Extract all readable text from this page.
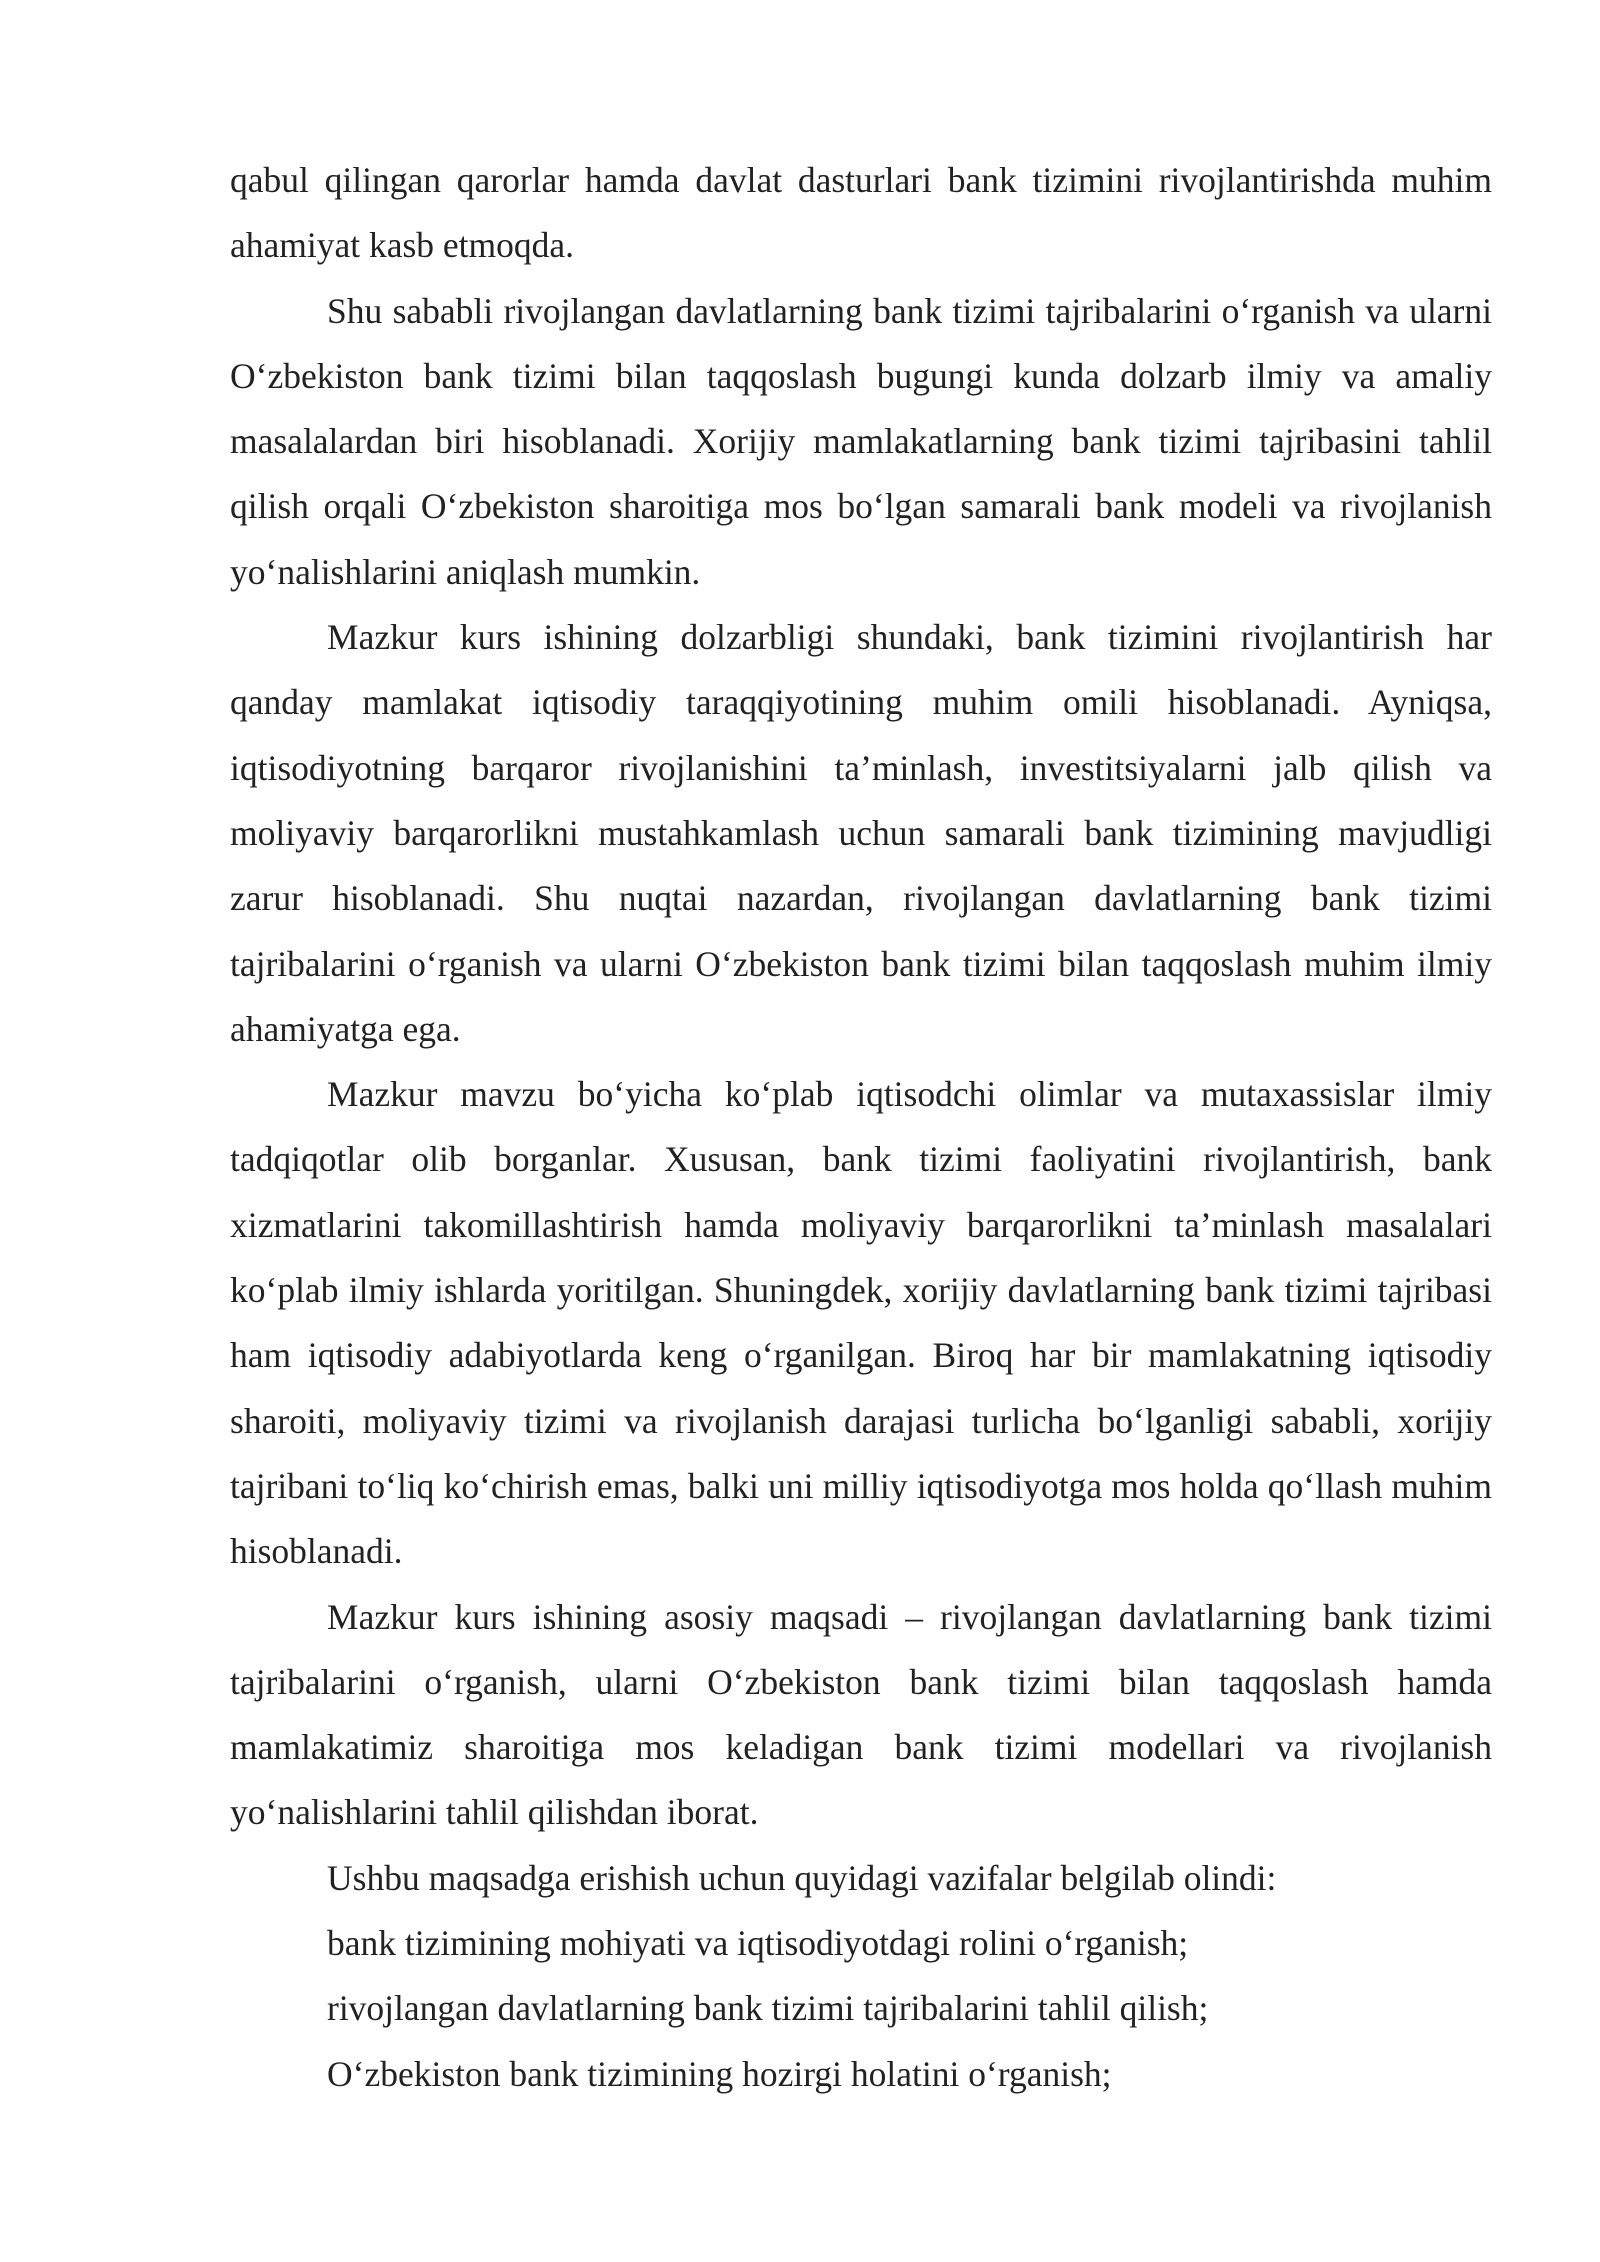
qabul qilingan qarorlar hamda davlat dasturlari bank tizimini rivojlantirishda muhim ahamiyat kasb etmoqda.

Shu sababli rivojlangan davlatlarning bank tizimi tajribalarini o‘rganish va ularni O‘zbekiston bank tizimi bilan taqqoslash bugungi kunda dolzarb ilmiy va amaliy masalalardan biri hisoblanadi. Xorijiy mamlakatlarning bank tizimi tajribasini tahlil qilish orqali O‘zbekiston sharoitiga mos bo‘lgan samarali bank modeli va rivojlanish yo‘nalishlarini aniqlash mumkin.

Mazkur kurs ishining dolzarbligi shundaki, bank tizimini rivojlantirish har qanday mamlakat iqtisodiy taraqqiyotining muhim omili hisoblanadi. Ayniqsa, iqtisodiyotning barqaror rivojlanishini ta’minlash, investitsiyalarni jalb qilish va moliyaviy barqarorlikni mustahkamlash uchun samarali bank tizimining mavjudligi zarur hisoblanadi. Shu nuqtai nazardan, rivojlangan davlatlarning bank tizimi tajribalarini o‘rganish va ularni O‘zbekiston bank tizimi bilan taqqoslash muhim ilmiy ahamiyatga ega.

Mazkur mavzu bo‘yicha ko‘plab iqtisodchi olimlar va mutaxassislar ilmiy tadqiqotlar olib borganlar. Xususan, bank tizimi faoliyatini rivojlantirish, bank xizmatlarini takomillashtirish hamda moliyaviy barqarorlikni ta’minlash masalalari ko‘plab ilmiy ishlarda yoritilgan. Shuningdek, xorijiy davlatlarning bank tizimi tajribasi ham iqtisodiy adabiyotlarda keng o‘rganilgan. Biroq har bir mamlakatning iqtisodiy sharoiti, moliyaviy tizimi va rivojlanish darajasi turlicha bo‘lganligi sababli, xorijiy tajribani to‘liq ko‘chirish emas, balki uni milliy iqtisodiyotga mos holda qo‘llash muhim hisoblanadi.

Mazkur kurs ishining asosiy maqsadi – rivojlangan davlatlarning bank tizimi tajribalarini o‘rganish, ularni O‘zbekiston bank tizimi bilan taqqoslash hamda mamlakatimiz sharoitiga mos keladigan bank tizimi modellari va rivojlanish yo‘nalishlarini tahlil qilishdan iborat.

Ushbu maqsadga erishish uchun quyidagi vazifalar belgilab olindi:

bank tizimining mohiyati va iqtisodiyotdagi rolini o‘rganish;

rivojlangan davlatlarning bank tizimi tajribalarini tahlil qilish;

O‘zbekiston bank tizimining hozirgi holatini o‘rganish;
